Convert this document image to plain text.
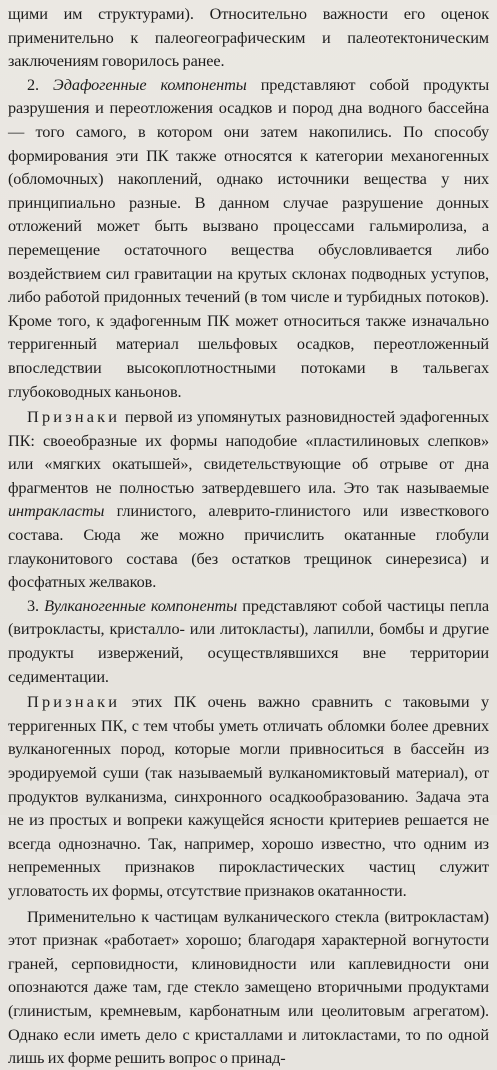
щими им структурами). Относительно важности его оценок применительно к палеогеографическим и палеотектоническим заключениям говорилось ранее.

2. Эдафогенные компоненты представляют собой продукты разрушения и переотложения осадков и пород дна водного бассейна — того самого, в котором они затем накопились. По способу формирования эти ПК также относятся к категории механогенных (обломочных) накоплений, однако источники вещества у них принципиально разные. В данном случае разрушение донных отложений может быть вызвано процессами гальмиролиза, а перемещение остаточного вещества обусловливается либо воздействием сил гравитации на крутых склонах подводных уступов, либо работой придонных течений (в том числе и турбидных потоков). Кроме того, к эдафогенным ПК может относиться также изначально терригенный материал шельфовых осадков, переотложенный впоследствии высокоплотностными потоками в тальвегах глубоководных каньонов.

Признаки первой из упомянутых разновидностей эдафогенных ПК: своеобразные их формы наподобие «пластилиновых слепков» или «мягких окатышей», свидетельствующие об отрыве от дна фрагментов не полностью затвердевшего ила. Это так называемые интракласты глинистого, алеврито-глинистого или известкового состава. Сюда же можно причислить окатанные глобули глауконитового состава (без остатков трещинок синерезиса) и фосфатных желваков.

3. Вулканогенные компоненты представляют собой частицы пепла (витрокласты, кристалло- или литокласты), лапилли, бомбы и другие продукты извержений, осуществлявшихся вне территории седиментации.

Признаки этих ПК очень важно сравнить с таковыми у терригенных ПК, с тем чтобы уметь отличать обломки более древних вулканогенных пород, которые могли привноситься в бассейн из эродируемой суши (так называемый вулканомиктовый материал), от продуктов вулканизма, синхронного осадкообразованию. Задача эта не из простых и вопреки кажущейся ясности критериев решается не всегда однозначно. Так, например, хорошо известно, что одним из непременных признаков пирокластических частиц служит угловатость их формы, отсутствие признаков окатанности.

Применительно к частицам вулканического стекла (витрокластам) этот признак «работает» хорошо; благодаря характерной вогнутости граней, серповидности, клиновидности или каплевидности они опознаются даже там, где стекло замещено вторичными продуктами (глинистым, кремневым, карбонатным или цеолитовым агрегатом). Однако если иметь дело с кристаллами и литокластами, то по одной лишь их форме решить вопрос о принад-
